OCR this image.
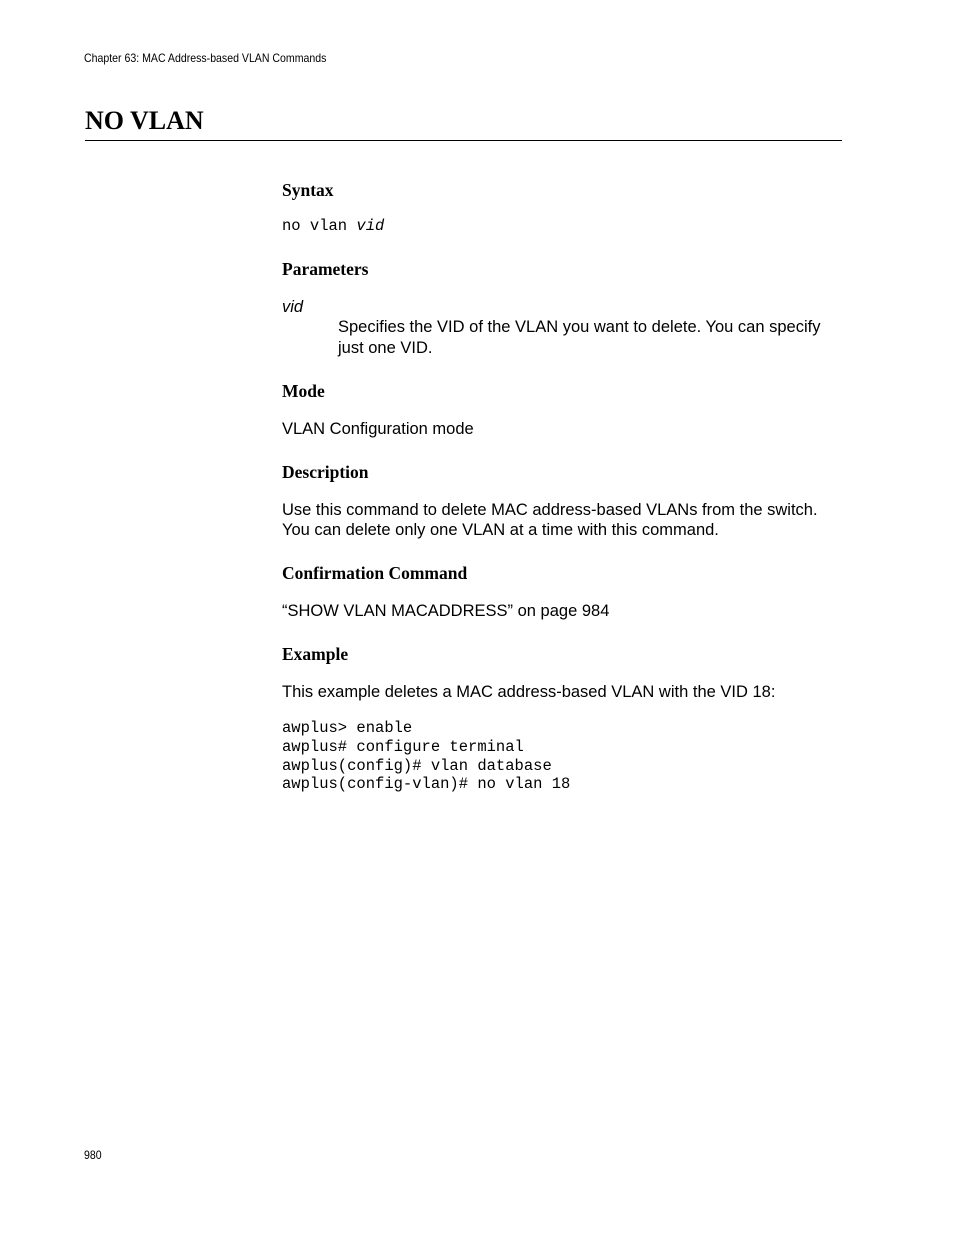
Chapter 63: MAC Address-based VLAN Commands
NO VLAN
Syntax

no vlan vid

Parameters

vid

Specifies the VID of the VLAN you want to delete. You can specify just one VID.

Mode

VLAN Configuration mode

Description

Use this command to delete MAC address-based VLANs from the switch.

You can delete only one VLAN at a time with this command.

Confirmation Command

“SHOW VLAN MACADDRESS” on page 984

Example

This example deletes a MAC address-based VLAN with the VID 18:

awplus> enable

awplus# configure terminal

awplus(config)# vlan database

awplus(config-vlan)# no vlan 18

980
